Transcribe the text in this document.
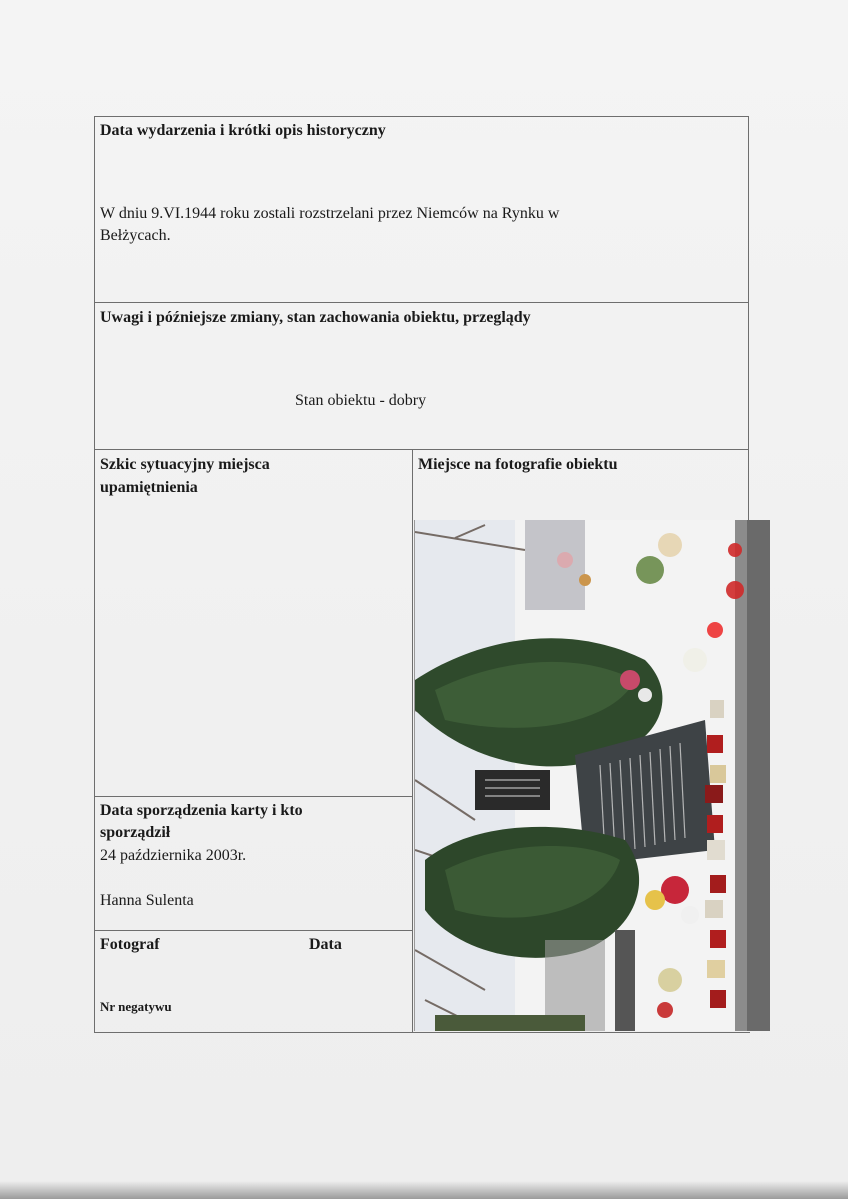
Data wydarzenia i krótki opis historyczny
W dniu 9.VI.1944 roku zostali rozstrzelani przez Niemców na Rynku w
Bełżycach.
Uwagi i późniejsze zmiany, stan zachowania obiektu, przeglądy
Stan obiektu - dobry
Szkic sytuacyjny miejsca
upamiętnienia
Miejsce na fotografie obiektu
Data sporządzenia karty i kto
sporządził
24 października 2003r.
Hanna Sulenta
Fotograf	Data
Nr negatywu
